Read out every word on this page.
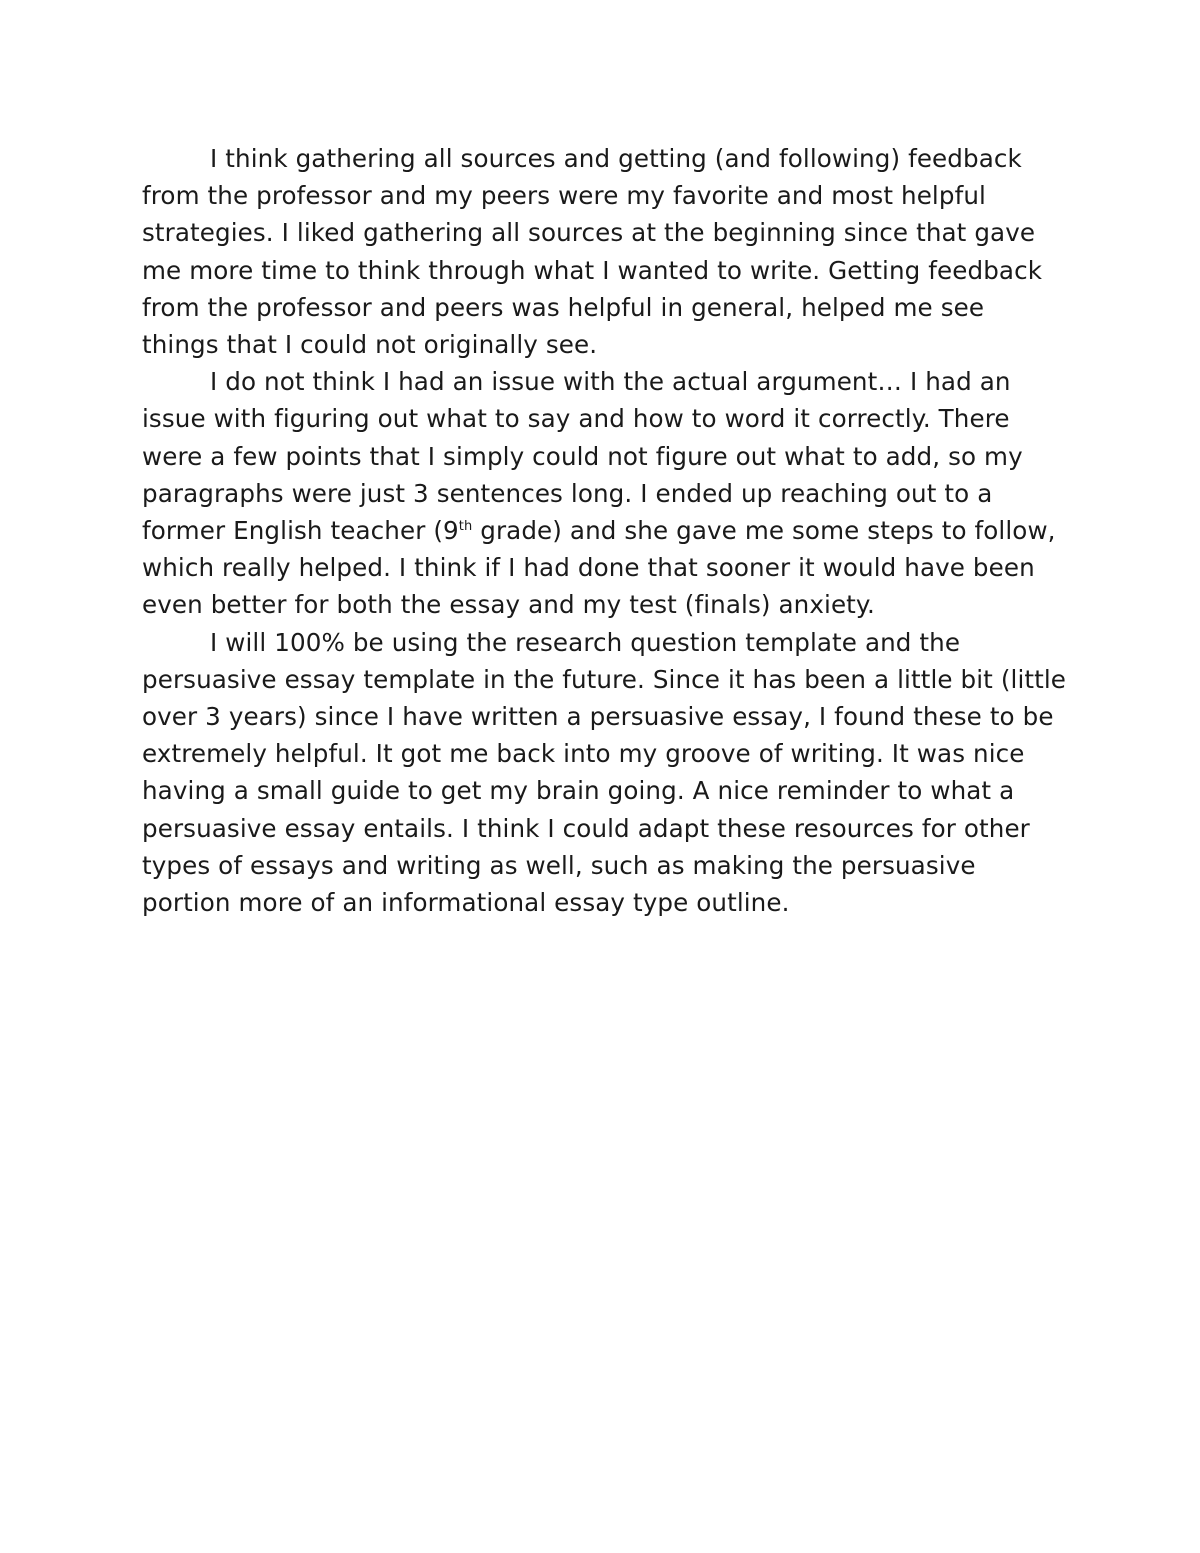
I think gathering all sources and getting (and following) feedback from the professor and my peers were my favorite and most helpful strategies. I liked gathering all sources at the beginning since that gave me more time to think through what I wanted to write. Getting feedback from the professor and peers was helpful in general, helped me see things that I could not originally see.

I do not think I had an issue with the actual argument… I had an issue with figuring out what to say and how to word it correctly. There were a few points that I simply could not figure out what to add, so my paragraphs were just 3 sentences long. I ended up reaching out to a former English teacher (9th grade) and she gave me some steps to follow, which really helped. I think if I had done that sooner it would have been even better for both the essay and my test (finals) anxiety.

I will 100% be using the research question template and the persuasive essay template in the future. Since it has been a little bit (little over 3 years) since I have written a persuasive essay, I found these to be extremely helpful. It got me back into my groove of writing. It was nice having a small guide to get my brain going. A nice reminder to what a persuasive essay entails. I think I could adapt these resources for other types of essays and writing as well, such as making the persuasive portion more of an informational essay type outline.
